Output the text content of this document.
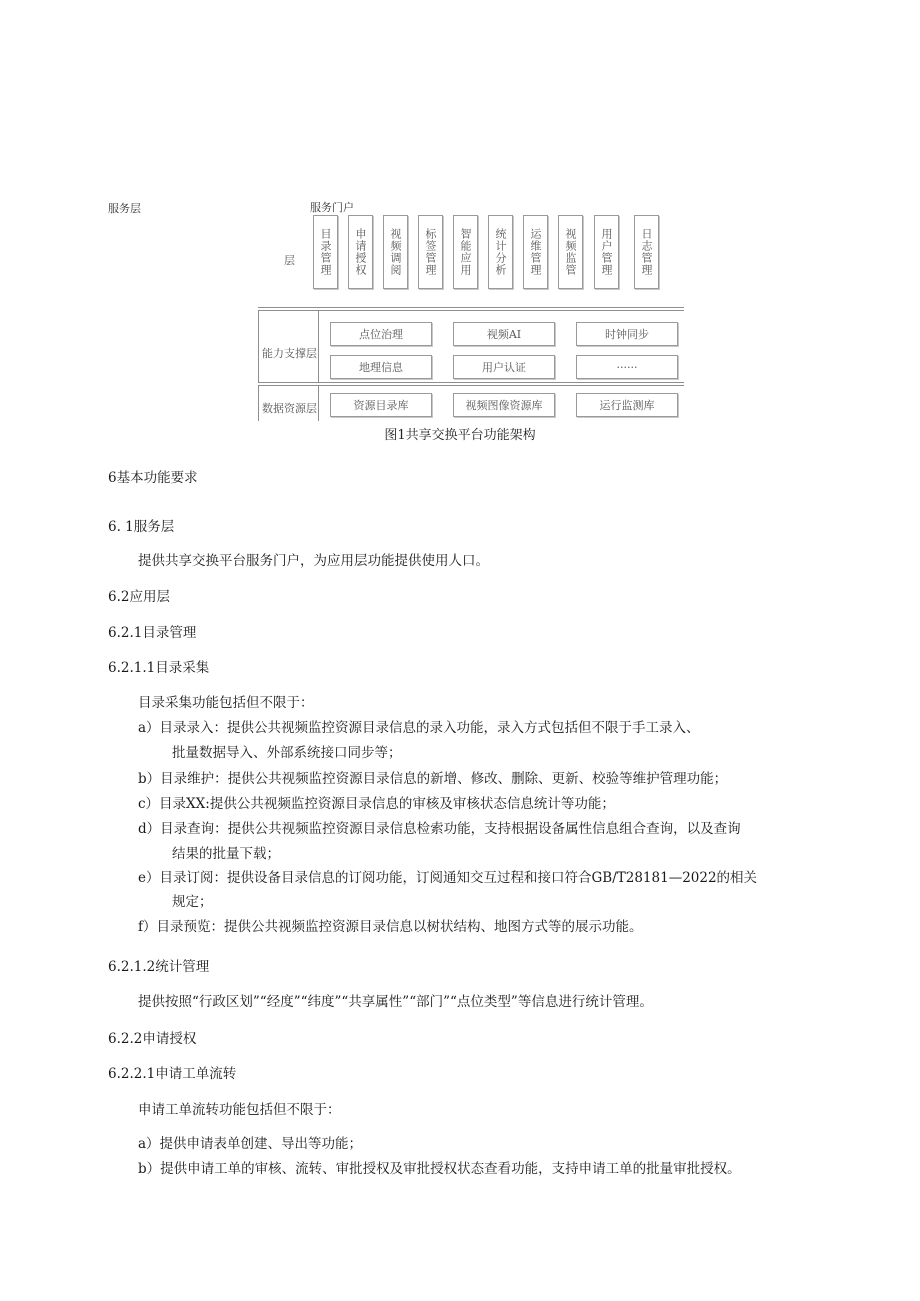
服务层	服务门户
层 目录管理 申请授权 视频调阅 标签管理 智能应用 统计分析 运维管理 视频监管 用户管理 日志管理
能力支撑层
点位治理	视频AI	时钟同步
地理信息	用户认证	······
数据资源层	资源目录库	视频图像资源库	运行监测库
图1共享交换平台功能架构
6基本功能要求
6. 1服务层
提供共享交换平台服务门户，为应用层功能提供使用人口。
6.2应用层
6.2.1目录管理
6.2.1.1目录采集
目录采集功能包括但不限于：
a）目录录入：提供公共视频监控资源目录信息的录入功能，录入方式包括但不限于手工录入、
批量数据导入、外部系统接口同步等；
b）目录维护：提供公共视频监控资源目录信息的新增、修改、删除、更新、校验等维护管理功能；
c）目录XX:提供公共视频监控资源目录信息的审核及审核状态信息统计等功能；
d）目录查询：提供公共视频监控资源目录信息检索功能，支持根据设备属性信息组合查询，以及查询
结果的批量下载；
e）目录订阅：提供设备目录信息的订阅功能，订阅通知交互过程和接口符合GB/T28181—2022的相关
规定；
f）目录预览：提供公共视频监控资源目录信息以树状结构、地图方式等的展示功能。
6.2.1.2统计管理
提供按照“行政区划”“经度”“纬度”“共享属性”“部门”“点位类型”等信息进行统计管理。
6.2.2申请授权
6.2.2.1申请工单流转
申请工单流转功能包括但不限于：
a）提供申请表单创建、导出等功能；
b）提供申请工单的审核、流转、审批授权及审批授权状态查看功能，支持申请工单的批量审批授权。
